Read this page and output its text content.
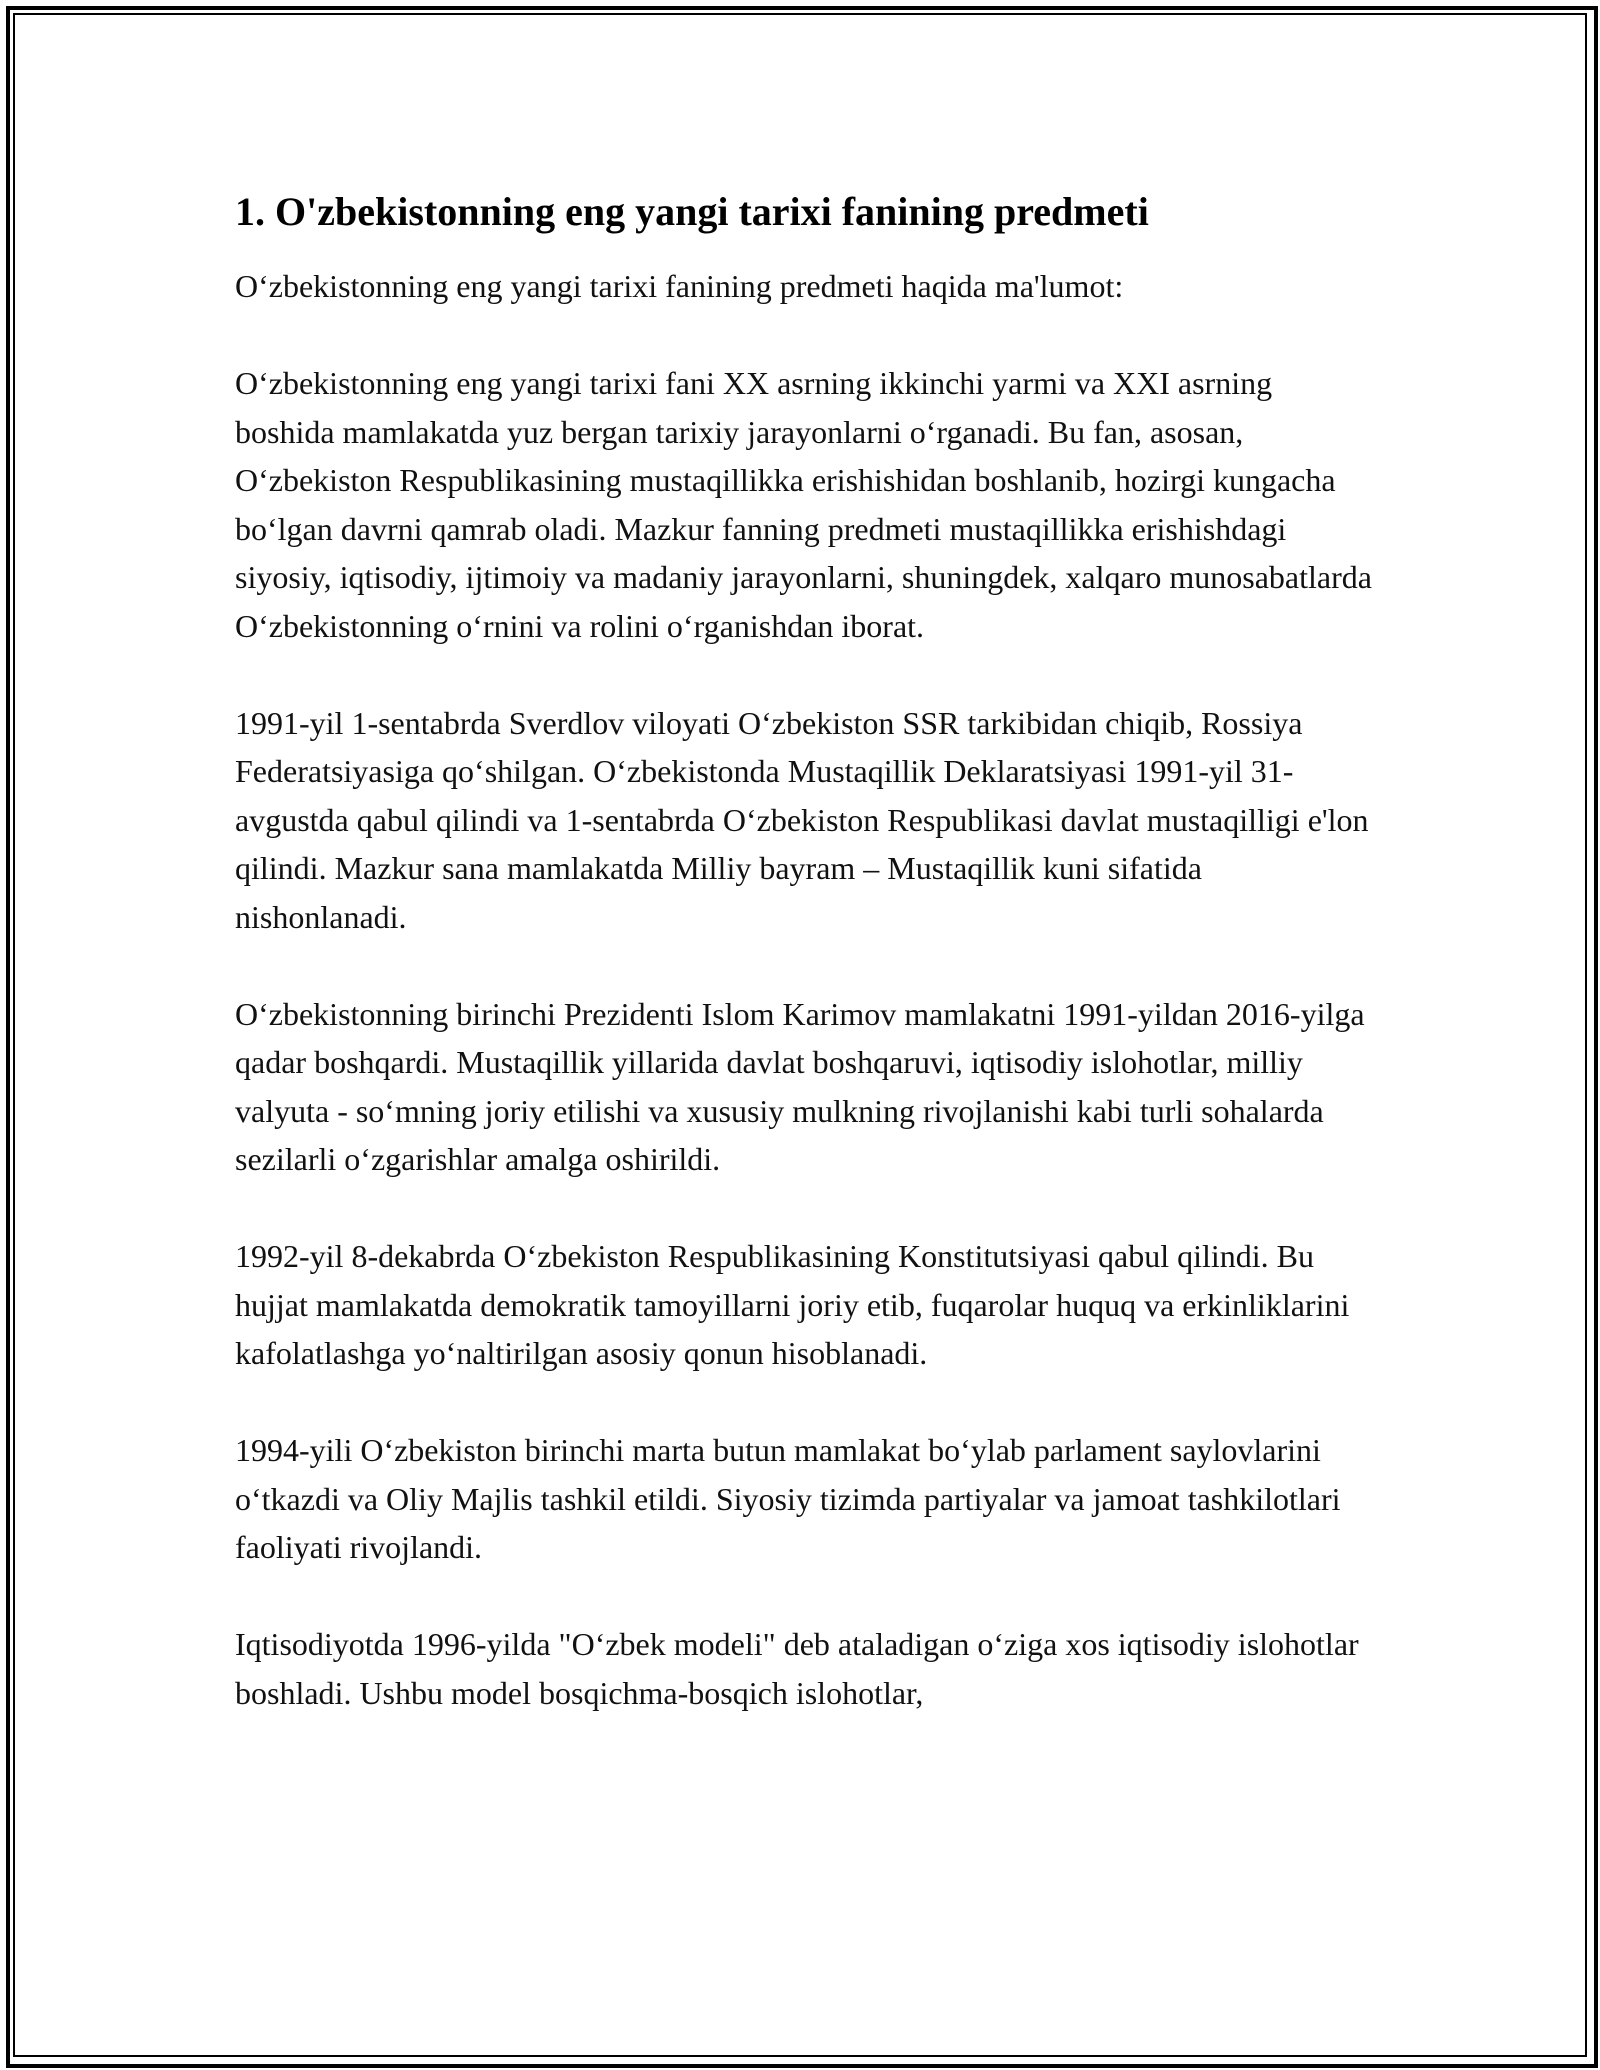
1. O'zbekistonning eng yangi tarixi fanining predmeti

O‘zbekistonning eng yangi tarixi fanining predmeti haqida ma'lumot:

O‘zbekistonning eng yangi tarixi fani XX asrning ikkinchi yarmi va XXI asrning boshida mamlakatda yuz bergan tarixiy jarayonlarni o‘rganadi. Bu fan, asosan, O‘zbekiston Respublikasining mustaqillikka erishishidan boshlanib, hozirgi kungacha bo‘lgan davrni qamrab oladi. Mazkur fanning predmeti mustaqillikka erishishdagi siyosiy, iqtisodiy, ijtimoiy va madaniy jarayonlarni, shuningdek, xalqaro munosabatlarda O‘zbekistonning o‘rnini va rolini o‘rganishdan iborat.

1991-yil 1-sentabrda Sverdlov viloyati O‘zbekiston SSR tarkibidan chiqib, Rossiya Federatsiyasiga qo‘shilgan. O‘zbekistonda Mustaqillik Deklaratsiyasi 1991-yil 31-avgustda qabul qilindi va 1-sentabrda O‘zbekiston Respublikasi davlat mustaqilligi e'lon qilindi. Mazkur sana mamlakatda Milliy bayram – Mustaqillik kuni sifatida nishonlanadi.

O‘zbekistonning birinchi Prezidenti Islom Karimov mamlakatni 1991-yildan 2016-yilga qadar boshqardi. Mustaqillik yillarida davlat boshqaruvi, iqtisodiy islohotlar, milliy valyuta - so‘mning joriy etilishi va xususiy mulkning rivojlanishi kabi turli sohalarda sezilarli o‘zgarishlar amalga oshirildi.

1992-yil 8-dekabrda O‘zbekiston Respublikasining Konstitutsiyasi qabul qilindi. Bu hujjat mamlakatda demokratik tamoyillarni joriy etib, fuqarolar huquq va erkinliklarini kafolatlashga yo‘naltirilgan asosiy qonun hisoblanadi.

1994-yili O‘zbekiston birinchi marta butun mamlakat bo‘ylab parlament saylovlarini o‘tkazdi va Oliy Majlis tashkil etildi. Siyosiy tizimda partiyalar va jamoat tashkilotlari faoliyati rivojlandi.

Iqtisodiyotda 1996-yilda "O‘zbek modeli" deb ataladigan o‘ziga xos iqtisodiy islohotlar boshladi. Ushbu model bosqichma-bosqich islohotlar,
